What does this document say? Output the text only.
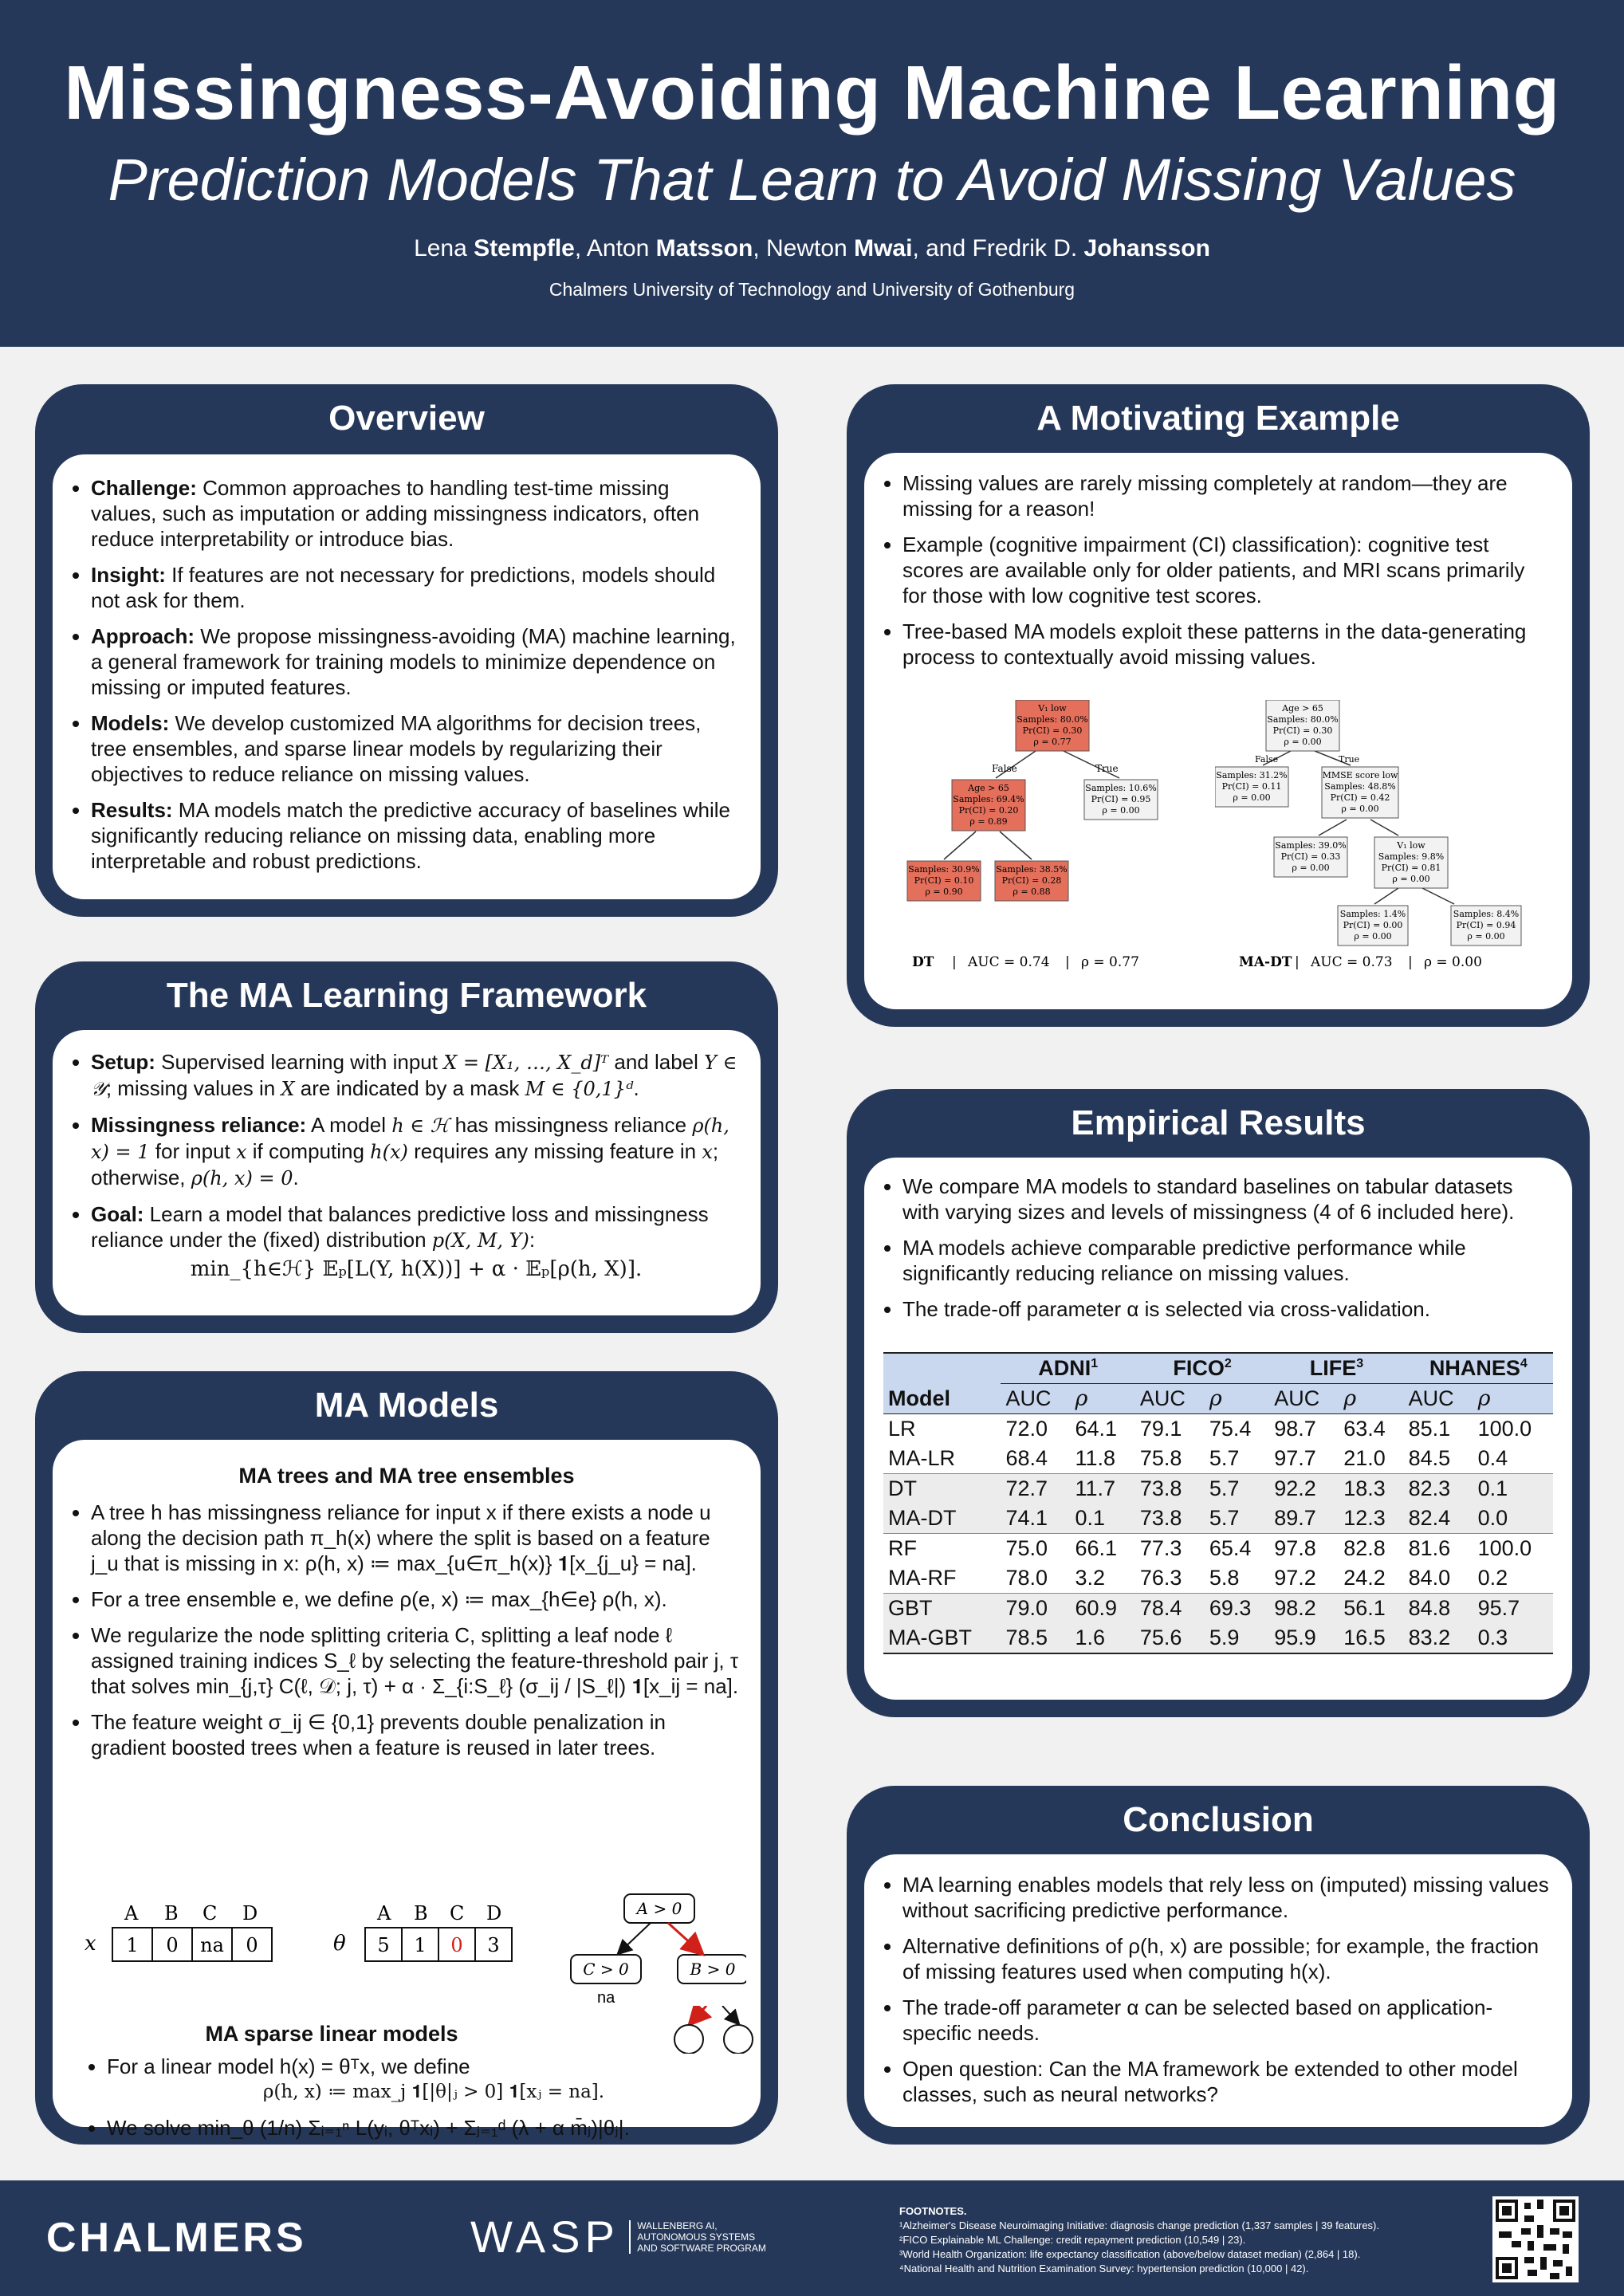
Missingness-Avoiding Machine Learning
Prediction Models That Learn to Avoid Missing Values
Lena Stempfle, Anton Matsson, Newton Mwai, and Fredrik D. Johansson
Chalmers University of Technology and University of Gothenburg
Overview
• Challenge: Common approaches to handling test-time missing values, such as imputation or adding missingness indicators, often reduce interpretability or introduce bias.
• Insight: If features are not necessary for predictions, models should not ask for them.
• Approach: We propose missingness-avoiding (MA) machine learning, a general framework for training models to minimize dependence on missing or imputed features.
• Models: We develop customized MA algorithms for decision trees, tree ensembles, and sparse linear models by regularizing their objectives to reduce reliance on missing values.
• Results: MA models match the predictive accuracy of baselines while significantly reducing reliance on missing data, enabling more interpretable and robust predictions.
The MA Learning Framework
• Setup: Supervised learning with input X = [X₁, …, X_d]ᵀ and label Y ∈ 𝒴; missing values in X are indicated by a mask M ∈ {0,1}ᵈ.
• Missingness reliance: A model h ∈ ℋ has missingness reliance ρ(h, x) = 1 for input x if computing h(x) requires any missing feature in x; otherwise, ρ(h, x) = 0.
• Goal: Learn a model that balances predictive loss and missingness reliance under the (fixed) distribution p(X, M, Y):
min_{h∈ℋ} 𝔼ₚ[L(Y, h(X))] + α · 𝔼ₚ[ρ(h, X)].
MA Models
MA trees and MA tree ensembles
• A tree h has missingness reliance for input x if there exists a node u along the decision path π_h(x) where the split is based on a feature j_u that is missing in x: ρ(h, x) ≔ max_{u∈π_h(x)} 𝟏[x_{j_u} = na].
• For a tree ensemble e, we define ρ(e, x) ≔ max_{h∈e} ρ(h, x).
• We regularize the node splitting criteria C, splitting a leaf node ℓ assigned training indices S_ℓ by selecting the feature-threshold pair j, τ that solves min_{j,τ} C(ℓ, 𝒟; j, τ) + α · Σ_{i:S_ℓ} (σ_ij / |S_ℓ|) 𝟏[x_ij = na].
• The feature weight σ_ij ∈ {0,1} prevents double penalization in gradient boosted trees when a feature is reused in later trees.
x
A B C D
1 0 na 0	θ
A B C D
5 1 0 3
A > 0
C > 0	B > 0
na
MA sparse linear models
• For a linear model h(x) = θᵀx, we define
ρ(h, x) ≔ max_j 𝟏[|θ|ⱼ > 0] 𝟏[xⱼ = na].
• We solve min_θ (1/n) Σᵢ₌₁ⁿ L(yᵢ, θᵀxᵢ) + Σⱼ₌₁ᵈ (λ + α m̄ⱼ)|θⱼ|.
A Motivating Example
• Missing values are rarely missing completely at random—they are missing for a reason!
• Example (cognitive impairment (CI) classification): cognitive test scores are available only for older patients, and MRI scans primarily for those with low cognitive test scores.
• Tree-based MA models exploit these patterns in the data-generating process to contextually avoid missing values.
False	True
V₁ low
Samples: 80.0%
Pr(CI) = 0.30
ρ = 0.77
Age > 65
Samples: 69.4%
Pr(CI) = 0.20
ρ = 0.89
Samples: 10.6%
Pr(CI) = 0.95
ρ = 0.00
Samples: 30.9%
Pr(CI) = 0.10
ρ = 0.90
Samples: 38.5%
Pr(CI) = 0.28
ρ = 0.88
DT | AUC = 0.74 | ρ = 0.77
False	True
Age > 65
Samples: 80.0%
Pr(CI) = 0.30
ρ = 0.00
Samples: 31.2%
Pr(CI) = 0.11
ρ = 0.00
MMSE score low
Samples: 48.8%
Pr(CI) = 0.42
ρ = 0.00
Samples: 39.0%
Pr(CI) = 0.33
ρ = 0.00
V₁ low
Samples: 9.8%
Pr(CI) = 0.81
ρ = 0.00
Samples: 1.4%
Pr(CI) = 0.00
ρ = 0.00
Samples: 8.4%
Pr(CI) = 0.94
ρ = 0.00
MA-DT | AUC = 0.73 | ρ = 0.00
Empirical Results
• We compare MA models to standard baselines on tabular datasets with varying sizes and levels of missingness (4 of 6 included here).
• MA models achieve comparable predictive performance while significantly reducing reliance on missing values.
• The trade-off parameter α is selected via cross-validation.
	ADNI$^1$		FICO$^2$		LIFE$^3$		NHANES$^4$
Model	AUC	ρ	AUC	ρ	AUC	ρ	AUC	ρ
LR	72.0	64.1	79.1	75.4	98.7	63.4	85.1	100.0
MA-LR	68.4	11.8	75.8	5.7	97.7	21.0	84.5	0.4
DT	72.7	11.7	73.8	5.7	92.2	18.3	82.3	0.1
MA-DT	74.1	0.1	73.8	5.7	89.7	12.3	82.4	0.0
RF	75.0	66.1	77.3	65.4	97.8	82.8	81.6	100.0
MA-RF	78.0	3.2	76.3	5.8	97.2	24.2	84.0	0.2
GBT	79.0	60.9	78.4	69.3	98.2	56.1	84.8	95.7
MA-GBT	78.5	1.6	75.6	5.9	95.9	16.5	83.2	0.3
Conclusion
• MA learning enables models that rely less on (imputed) missing values without sacrificing predictive performance.
• Alternative definitions of ρ(h, x) are possible; for example, the fraction of missing features used when computing h(x).
• The trade-off parameter α can be selected based on application-specific needs.
• Open question: Can the MA framework be extended to other model classes, such as neural networks?
CHALMERS	WASP WALLENBERG AI,
AUTONOMOUS SYSTEMS
AND SOFTWARE PROGRAM
FOOTNOTES.
¹Alzheimer's Disease Neuroimaging Initiative: diagnosis change prediction (1,337 samples | 39 features).
²FICO Explainable ML Challenge: credit repayment prediction (10,549 | 23).
³World Health Organization: life expectancy classification (above/below dataset median) (2,864 | 18).
⁴National Health and Nutrition Examination Survey: hypertension prediction (10,000 | 42).
